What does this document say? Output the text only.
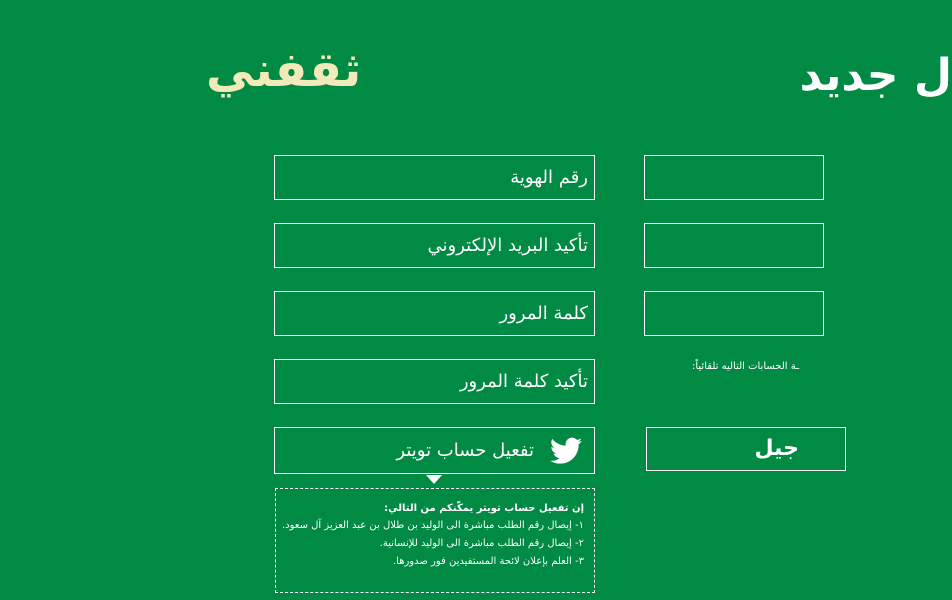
ل جديد
ثقفني
رقم الهوية
تأكيد البريد الإلكتروني
كلمة المرور
تأكيد كلمة المرور
ـة الحسابات التاليه تلقائياً:
تفعيل حساب تويتر
إن تفعيل حساب تويتر يمكّنكم من التالي:
١- إيصال رقم الطلب مباشرة الى الوليد بن طلال بن عبد العزيز آل سعود.
٢- إيصال رقم الطلب مباشرة الى الوليد للإنسانية.
٣- العلم بإعلان لائحة المستفيدين فور صدورها.
جيل
